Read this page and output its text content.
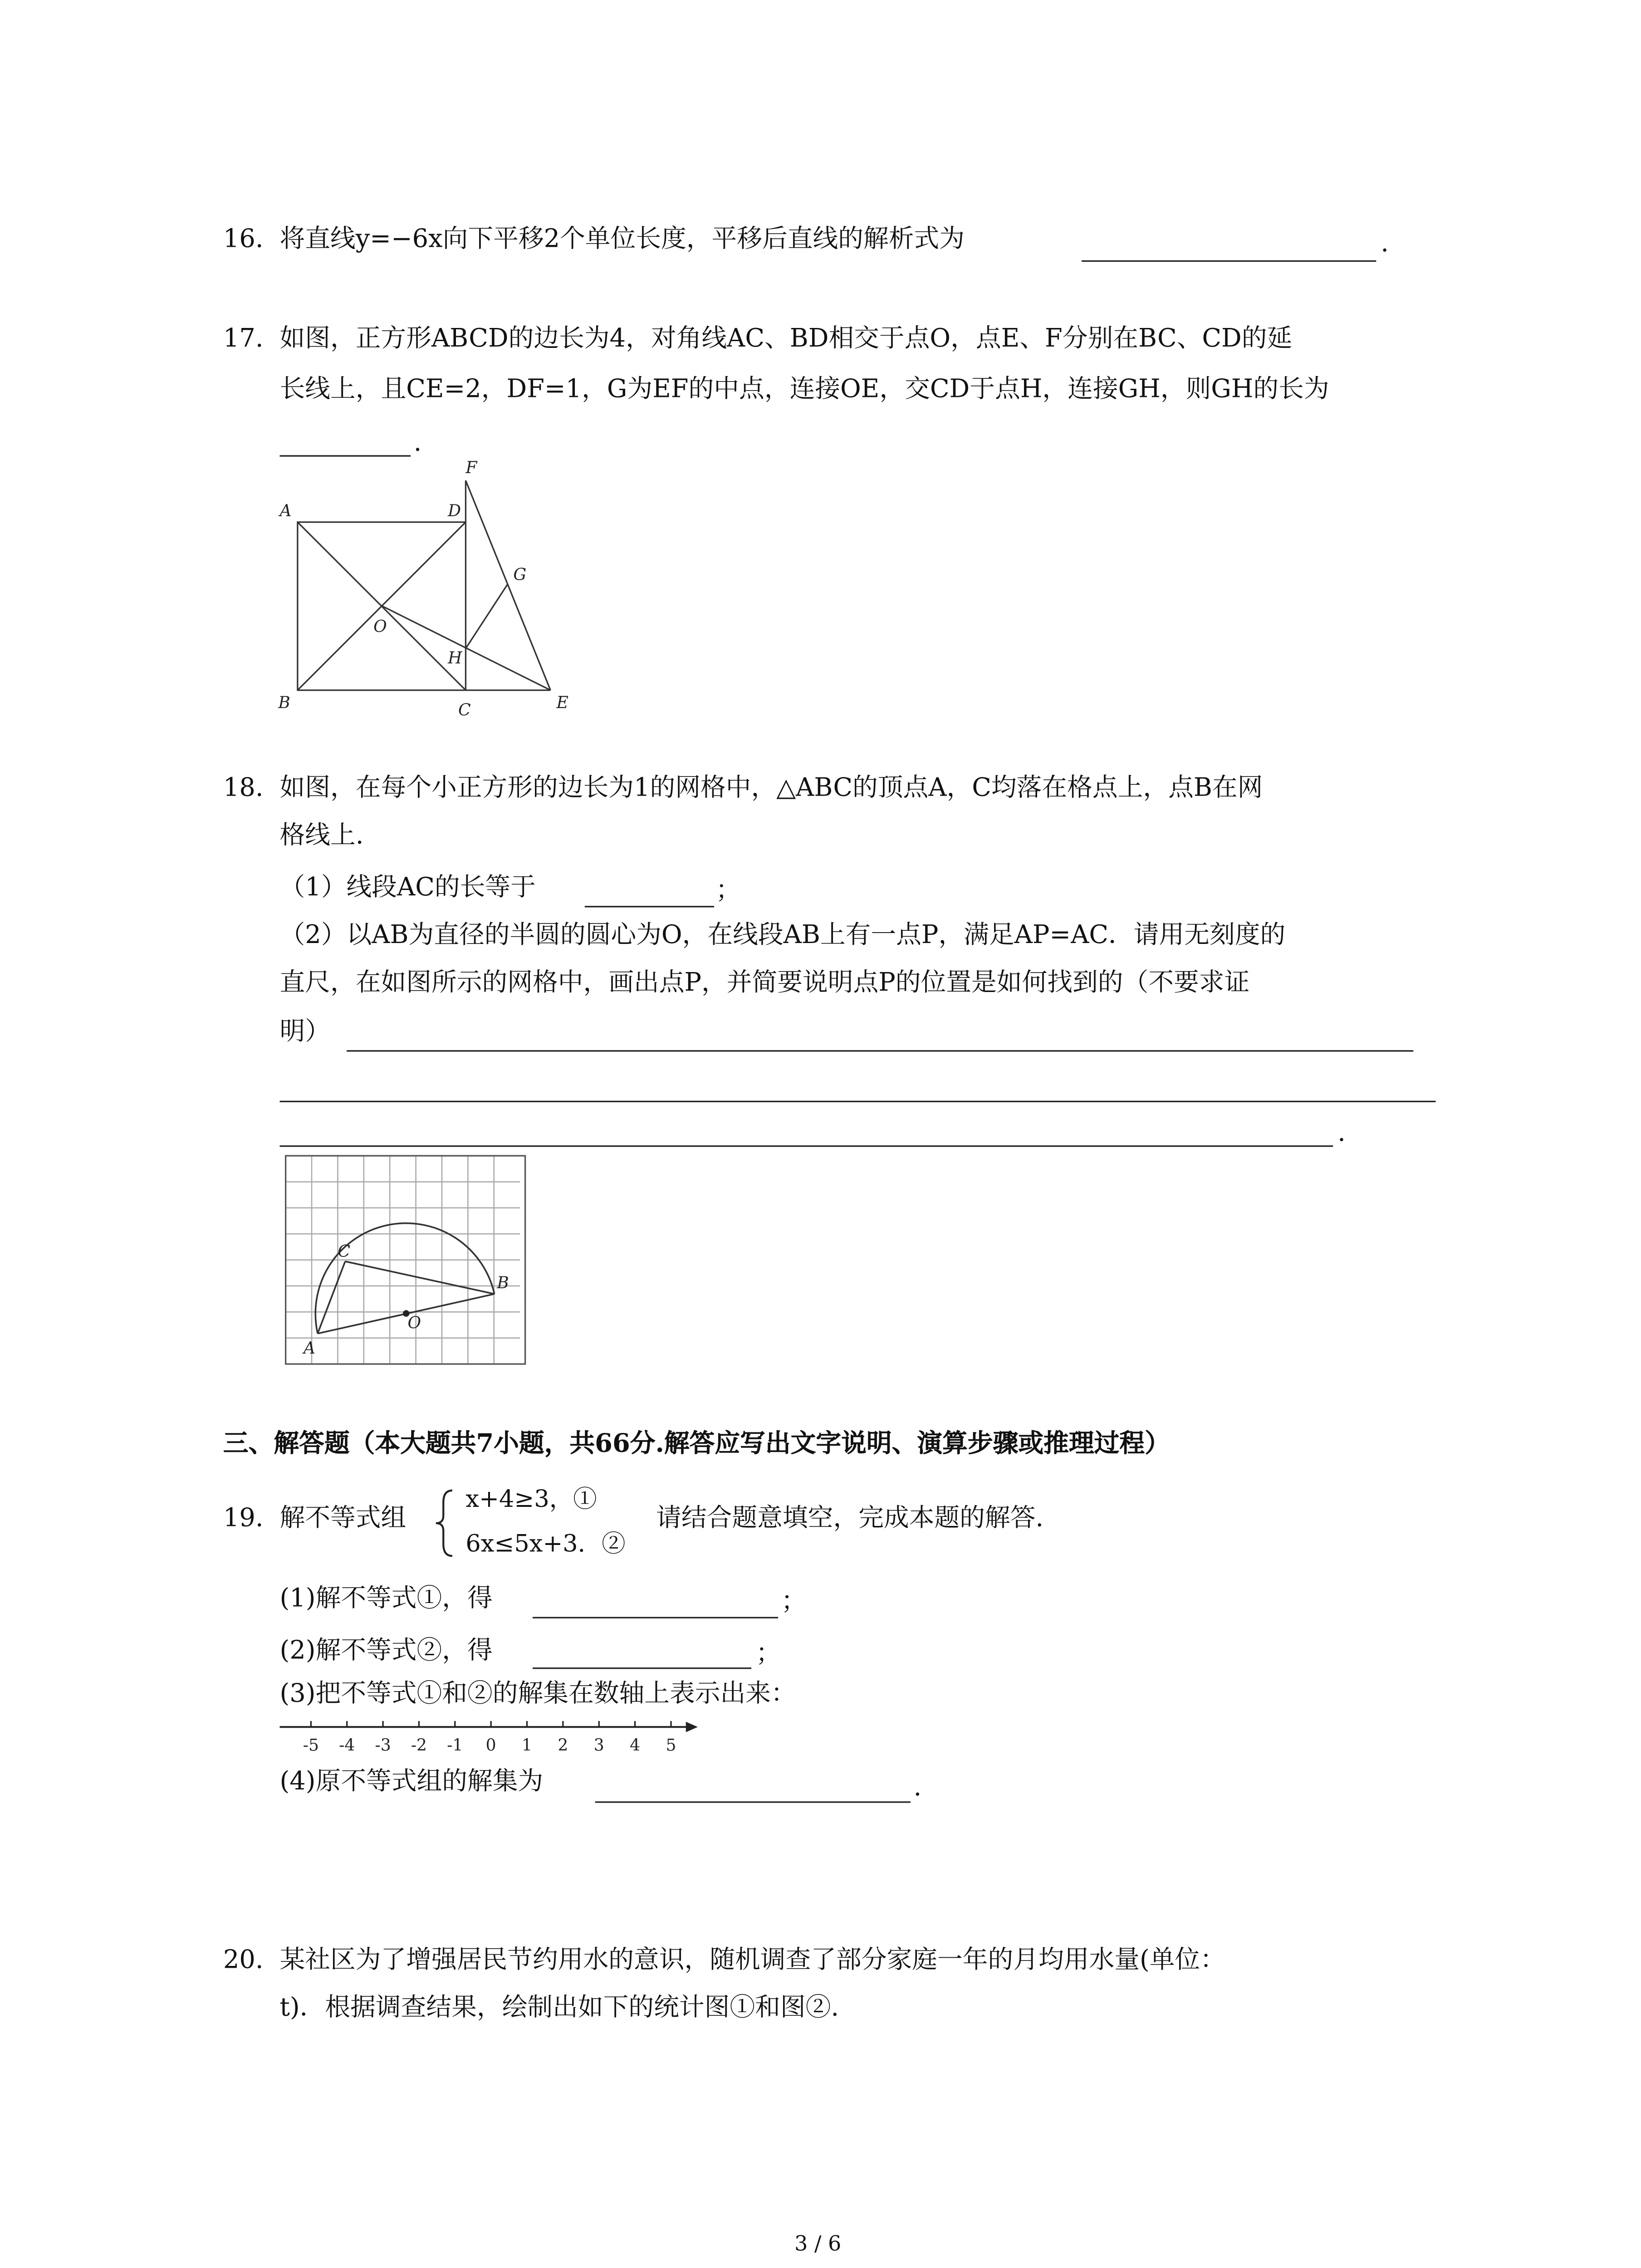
16. 将直线y=−6x向下平移2个单位长度，平移后直线的解析式为	.
17. 如图，正方形ABCD的边长为4，对角线AC、BD相交于点O，点E、F分别在BC、CD的延
长线上，且CE=2，DF=1，G为EF的中点，连接OE，交CD于点H，连接GH，则GH的长为
.
A	D
F
G
O
H
B	C	E
18. 如图，在每个小正方形的边长为1的网格中，△ABC的顶点A，C均落在格点上，点B在网
格线上.
（1）线段AC的长等于	；
（2）以AB为直径的半圆的圆心为O，在线段AB上有一点P，满足AP=AC．请用无刻度的
直尺，在如图所示的网格中，画出点P，并简要说明点P的位置是如何找到的（不要求证
明）
.
C
B
O
A
三、解答题（本大题共7小题，共66分.解答应写出文字说明、演算步骤或推理过程）
19. 解不等式组
x+4≥3，①
6x≤5x+3．②
请结合题意填空，完成本题的解答.
(1)解不等式①，得	；
(2)解不等式②，得	；
(3)把不等式①和②的解集在数轴上表示出来：
-5	-4	-3	-2	-1	0	1	2	3	4	5
(4)原不等式组的解集为	.
20. 某社区为了增强居民节约用水的意识，随机调查了部分家庭一年的月均用水量(单位：
t)．根据调查结果，绘制出如下的统计图①和图②.
3 / 6
